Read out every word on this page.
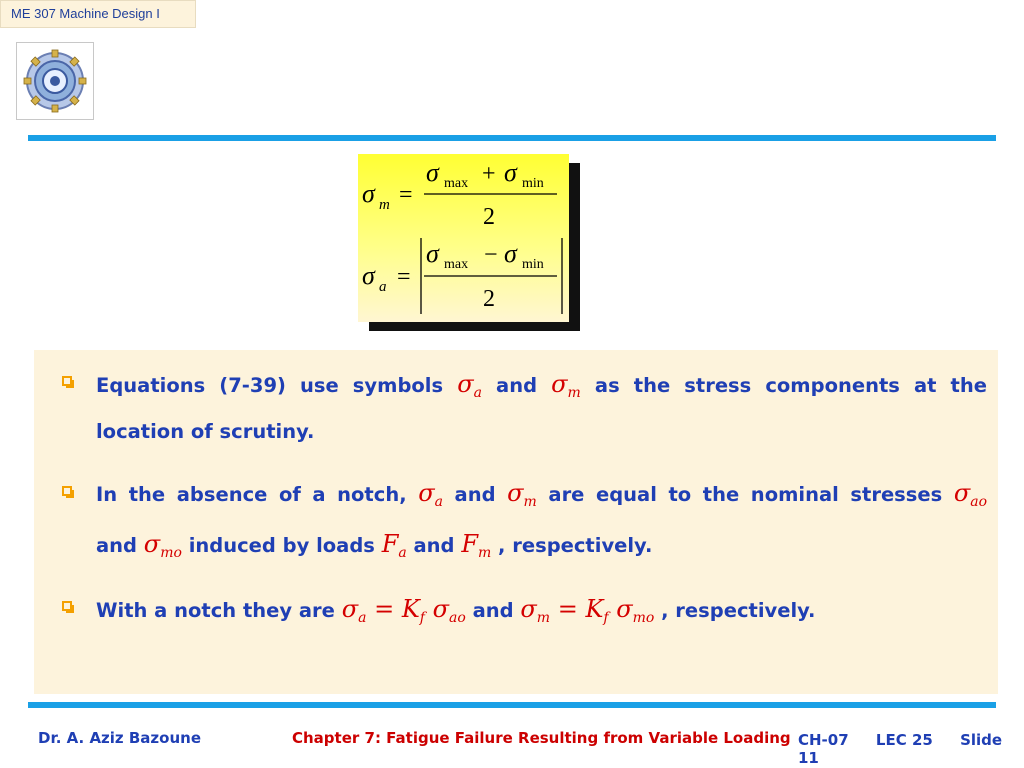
ME 307 Machine Design I
σ m =
σ max + σ min
2
σ a =
σ max − σ min
2
Equations (7-39) use symbols $\sigma_a$ and $\sigma_m$ as the stress components at the
location of scrutiny.
In the absence of a notch, $\sigma_a$ and $\sigma_m$ are equal to the nominal stresses $\sigma_{ao}$
and $\sigma_{mo}$ induced by loads $F_a$ and $F_m$ , respectively.
With a notch they are $\sigma_a = K_f$ $\sigma_{ao}$ and $\sigma_m = K_f$ $\sigma_{mo}$ , respectively.
Dr. A. Aziz Bazoune	Chapter 7: Fatigue Failure Resulting from Variable Loading CH-07 LEC 25 Slide 11
